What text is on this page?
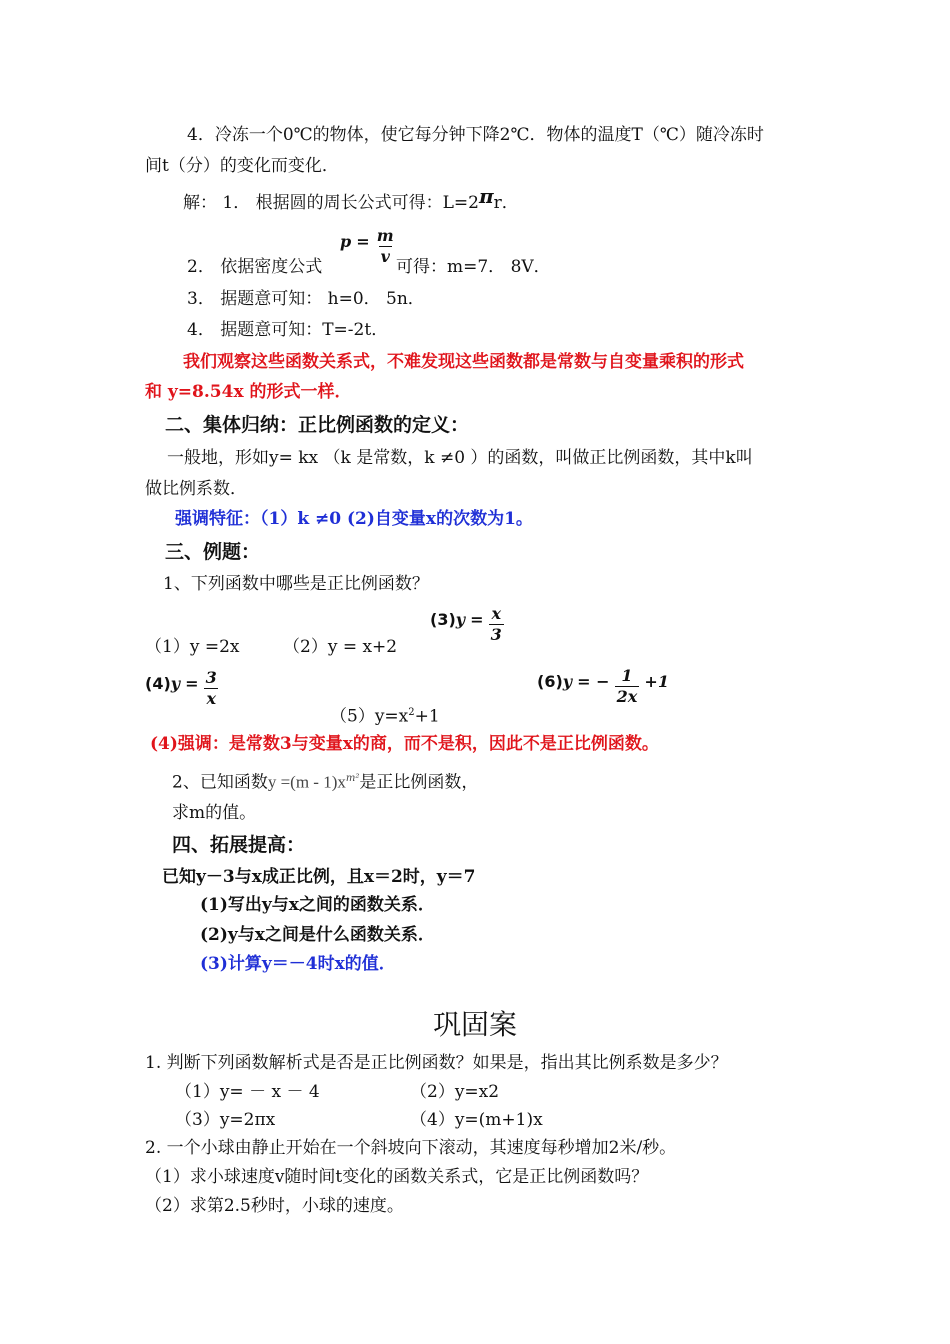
4．冷冻一个0℃的物体，使它每分钟下降2℃．物体的温度T（℃）随冷冻时
间t（分）的变化而变化．
解： 1． 根据圆的周长公式可得：L=2πr．
2． 依据密度公式
$p = \frac{m}{v}$
可得：m=7． 8V．
3． 据题意可知： h=0． 5n．
4． 据题意可知：T=-2t．
我们观察这些函数关系式，不难发现这些函数都是常数与自变量乘积的形式
和 y=8.54x 的形式一样．
二、集体归纳：正比例函数的定义：
一般地，形如y= kx （k 是常数，k ≠0 ）的函数，叫做正比例函数，其中k叫
做比例系数．
强调特征：（1）k ≠0 (2)自变量x的次数为1。
三、例题：
1、下列函数中哪些是正比例函数？
（1）y =2x	（2）y = x+2
$(3)y = \frac{x}{3}$
$(4)y = \frac{3}{x}$
$(5)y=x^2+1$
(6)y = − $\frac{1}{2x} +1$
(4)强调：是常数3与变量x的商，而不是积，因此不是正比例函数。
2、已知函数$y =(m - 1)x^{m^2}$是正比例函数，
求m的值。
四、拓展提高：
已知y－3与x成正比例，且x＝2时，y＝7
(1)写出y与x之间的函数关系．
(2)y与x之间是什么函数关系．
(3)计算y＝－4时x的值．
巩固案
1. 判断下列函数解析式是否是正比例函数？如果是，指出其比例系数是多少？
（1）y= － x － 4	（2）y=x2
（3）y=2πx	（4）y=(m+1)x
2. 一个小球由静止开始在一个斜坡向下滚动，其速度每秒增加2米/秒。
（1）求小球速度v随时间t变化的函数关系式，它是正比例函数吗？
（2）求第2.5秒时，小球的速度。
